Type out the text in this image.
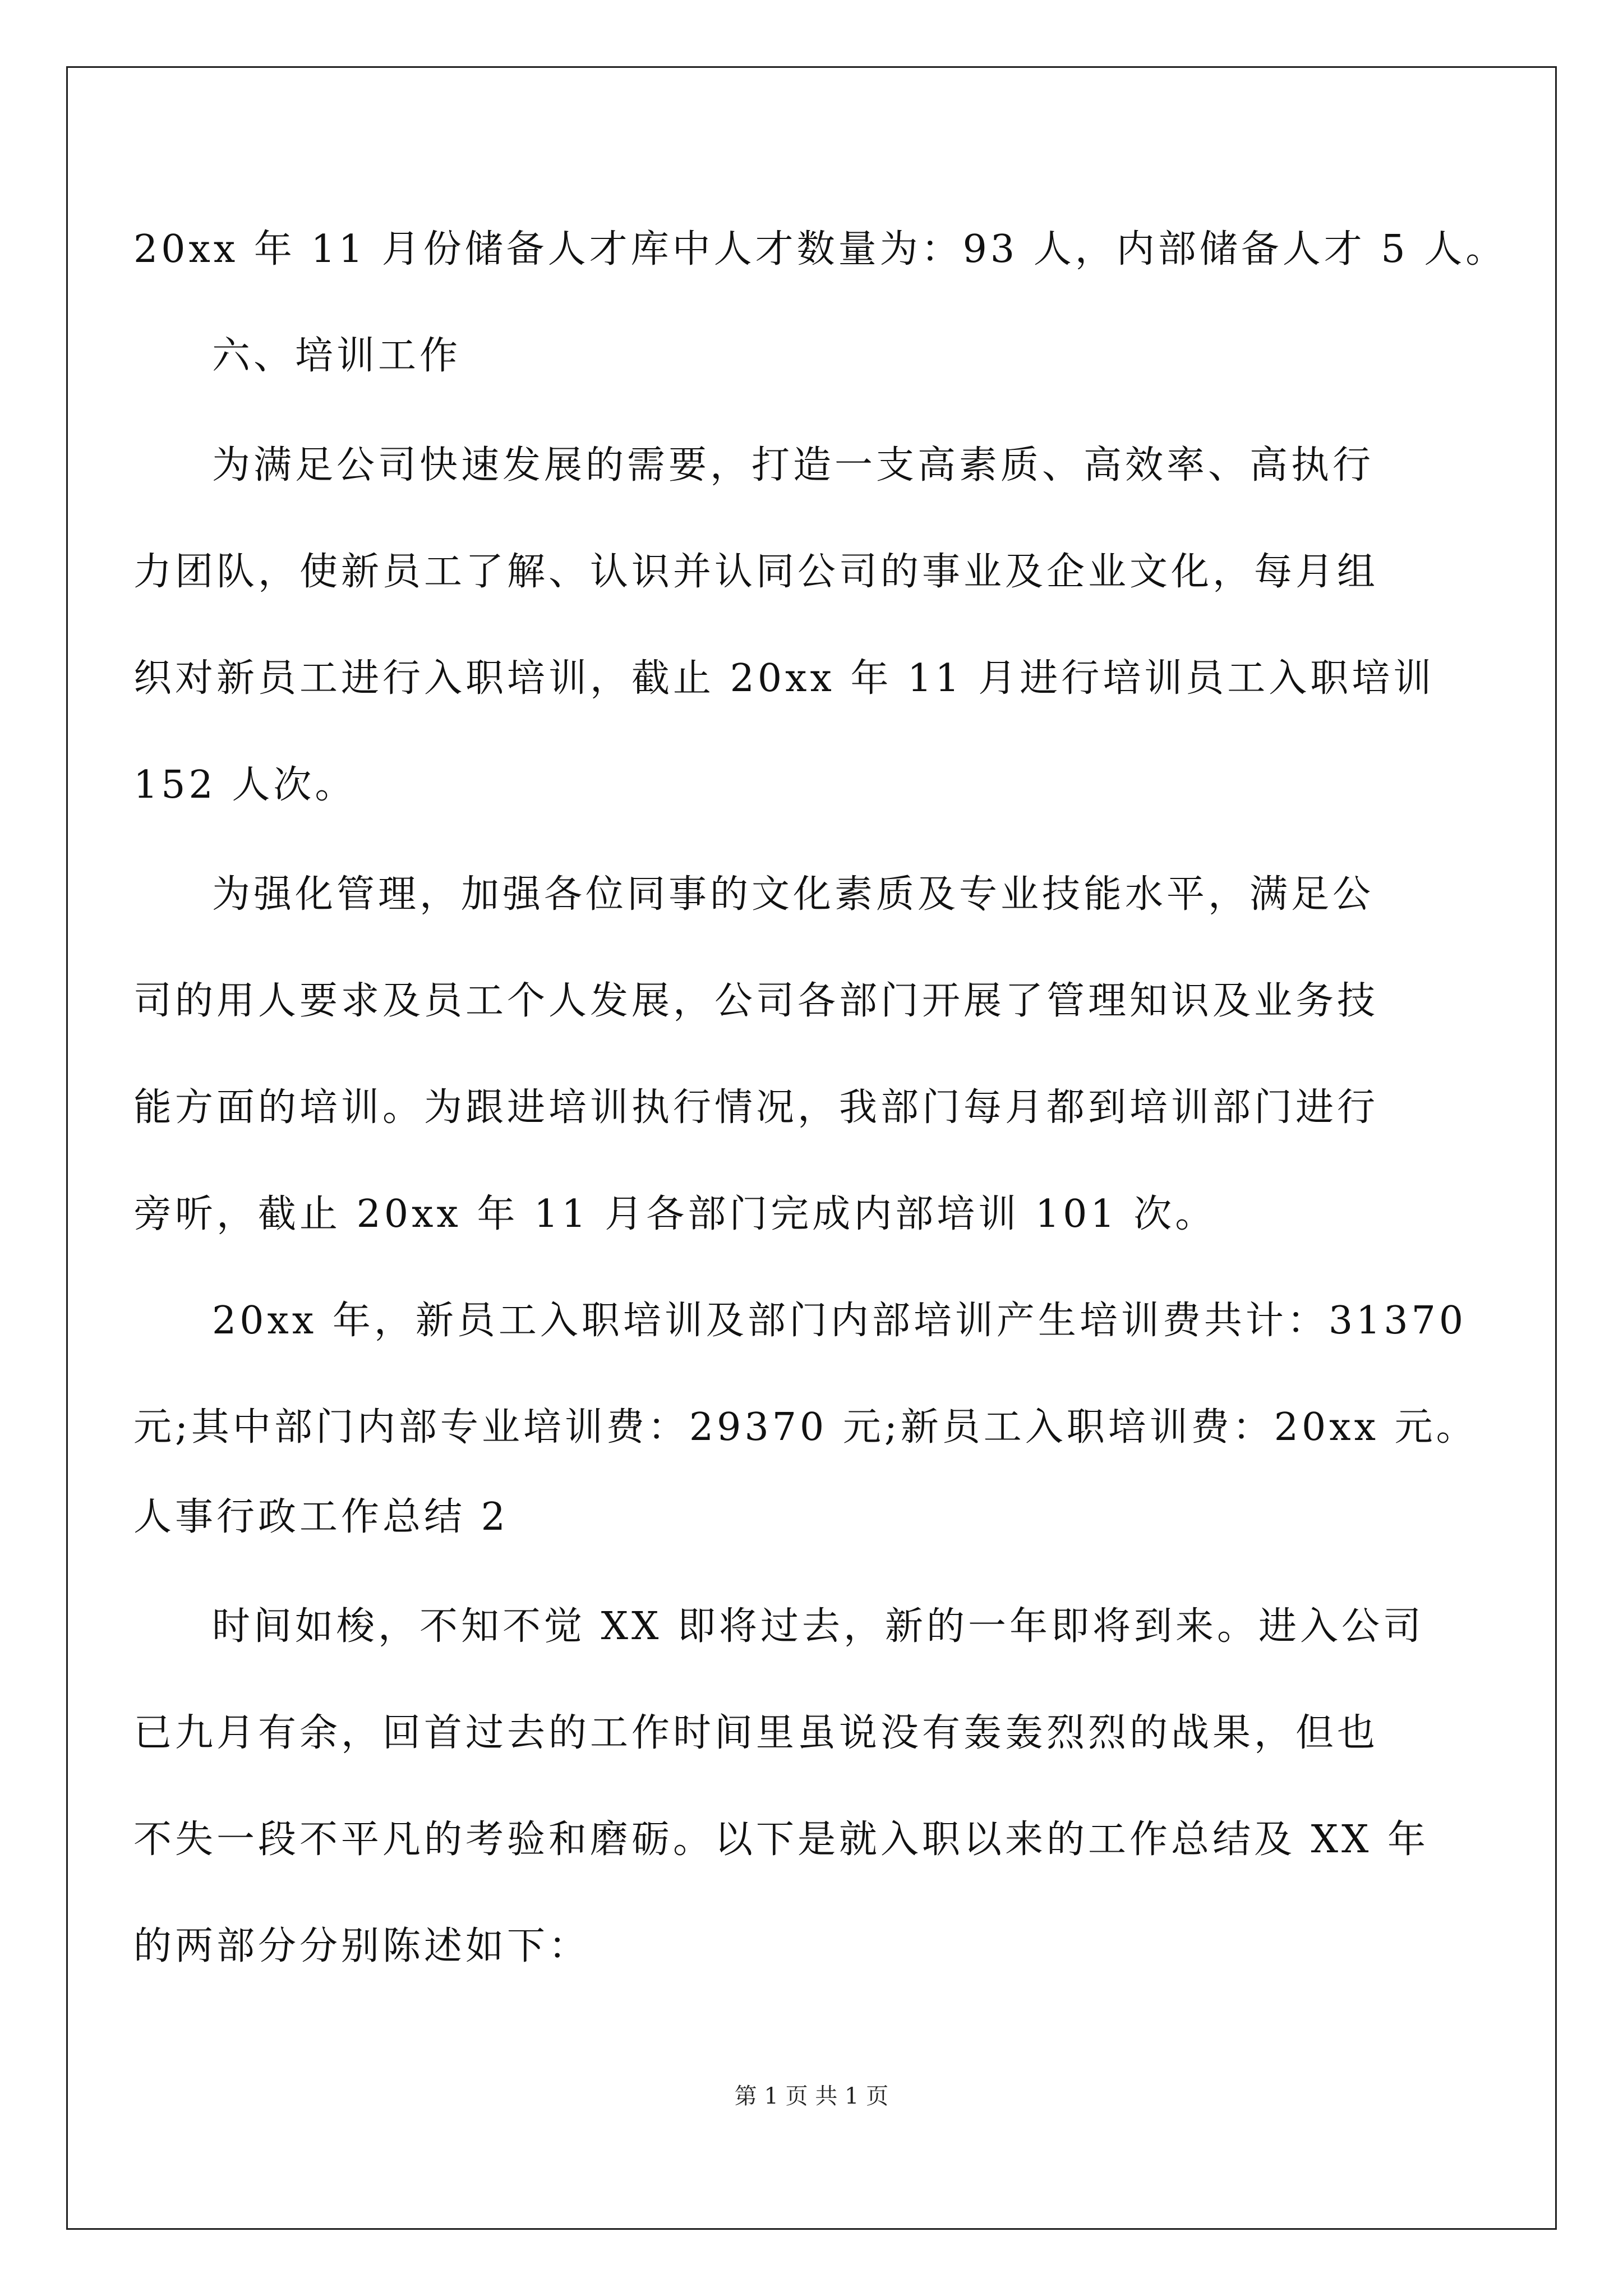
20xx 年 11 月份储备人才库中人才数量为：93 人，内部储备人才 5 人。
六、培训工作
为满足公司快速发展的需要，打造一支高素质、高效率、高执行
力团队，使新员工了解、认识并认同公司的事业及企业文化，每月组
织对新员工进行入职培训，截止 20xx 年 11 月进行培训员工入职培训
152 人次。
为强化管理，加强各位同事的文化素质及专业技能水平，满足公
司的用人要求及员工个人发展，公司各部门开展了管理知识及业务技
能方面的培训。为跟进培训执行情况，我部门每月都到培训部门进行
旁听，截止 20xx 年 11 月各部门完成内部培训 101 次。
20xx 年，新员工入职培训及部门内部培训产生培训费共计：31370
元;其中部门内部专业培训费：29370 元;新员工入职培训费：20xx 元。
人事行政工作总结 2
时间如梭，不知不觉 XX 即将过去，新的一年即将到来。进入公司
已九月有余，回首过去的工作时间里虽说没有轰轰烈烈的战果，但也
不失一段不平凡的考验和磨砺。以下是就入职以来的工作总结及 XX 年
的两部分分别陈述如下：
第 1 页 共 1 页
